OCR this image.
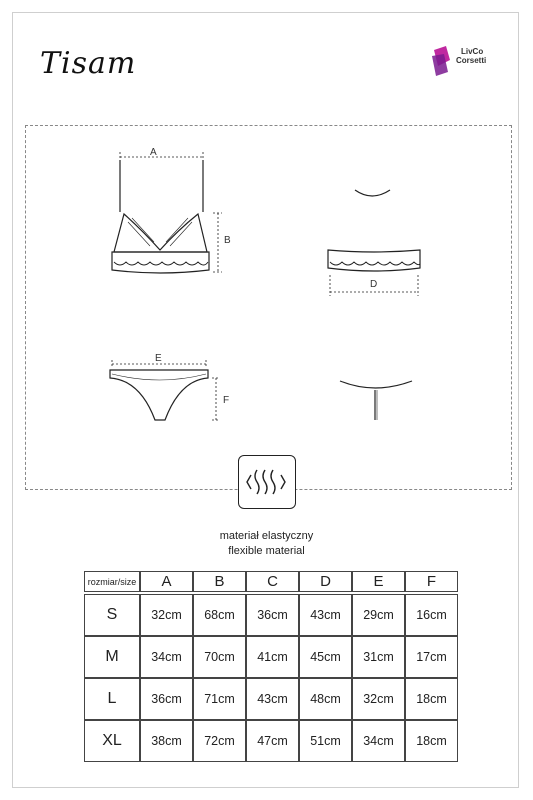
Tisam	LivCo
Corsetti
A
B
D
E
F
materiał elastyczny
flexible material
rozmiar/size	A	B	C	D	E	F

S	32cm	68cm	36cm	43cm	29cm	16cm
M	34cm	70cm	41cm	45cm	31cm	17cm
L	36cm	71cm	43cm	48cm	32cm	18cm
XL	38cm	72cm	47cm	51cm	34cm	18cm
